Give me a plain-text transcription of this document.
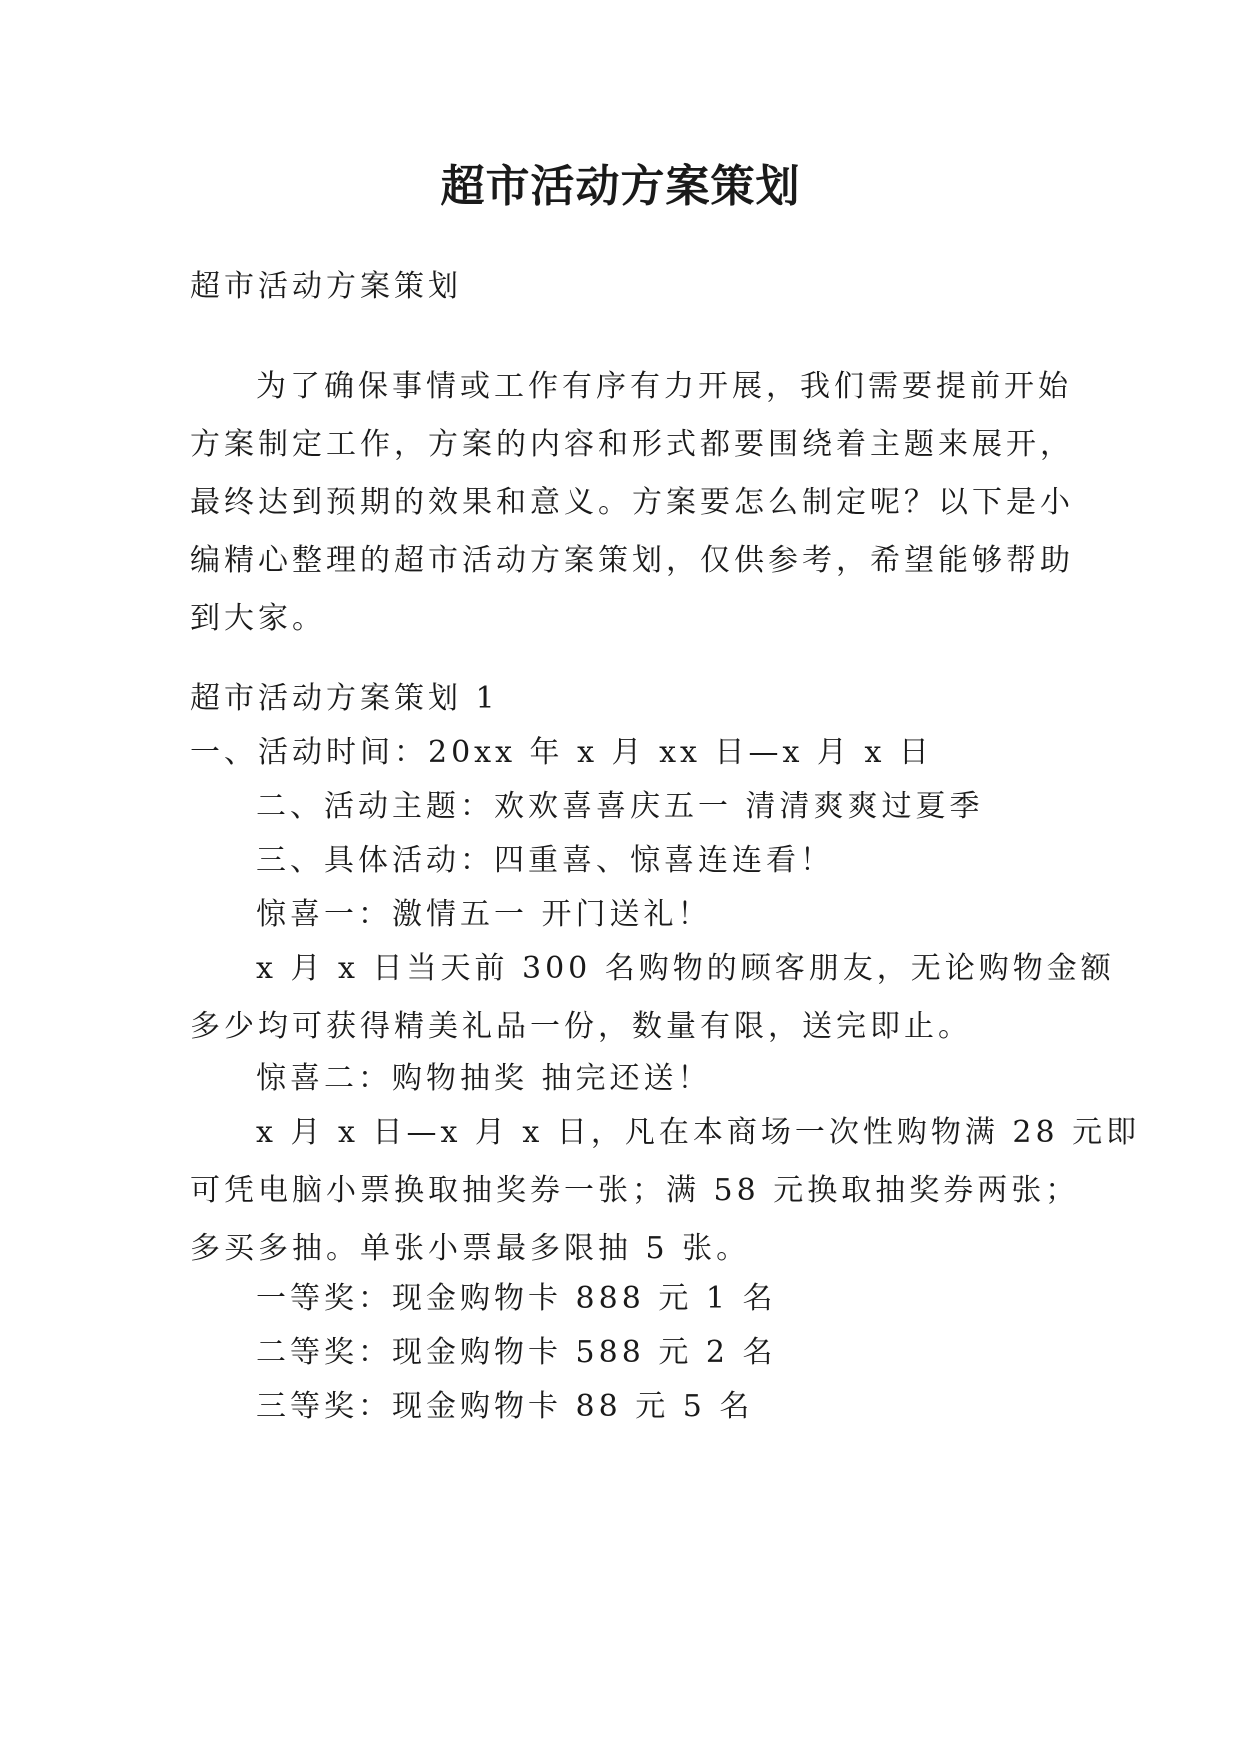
超市活动方案策划

超市活动方案策划

为了确保事情或工作有序有力开展，我们需要提前开始
方案制定工作，方案的内容和形式都要围绕着主题来展开，
最终达到预期的效果和意义。方案要怎么制定呢？以下是小
编精心整理的超市活动方案策划，仅供参考，希望能够帮助
到大家。

超市活动方案策划 1

一、活动时间：20xx 年 x 月 xx 日—x 月 x 日

二、活动主题：欢欢喜喜庆五一 清清爽爽过夏季

三、具体活动：四重喜、惊喜连连看！

惊喜一：激情五一 开门送礼！

x 月 x 日当天前 300 名购物的顾客朋友，无论购物金额
多少均可获得精美礼品一份，数量有限，送完即止。

惊喜二：购物抽奖 抽完还送！

x 月 x 日—x 月 x 日，凡在本商场一次性购物满 28 元即
可凭电脑小票换取抽奖券一张；满 58 元换取抽奖券两张；
多买多抽。单张小票最多限抽 5 张。

一等奖：现金购物卡 888 元 1 名

二等奖：现金购物卡 588 元 2 名

三等奖：现金购物卡 88 元 5 名
